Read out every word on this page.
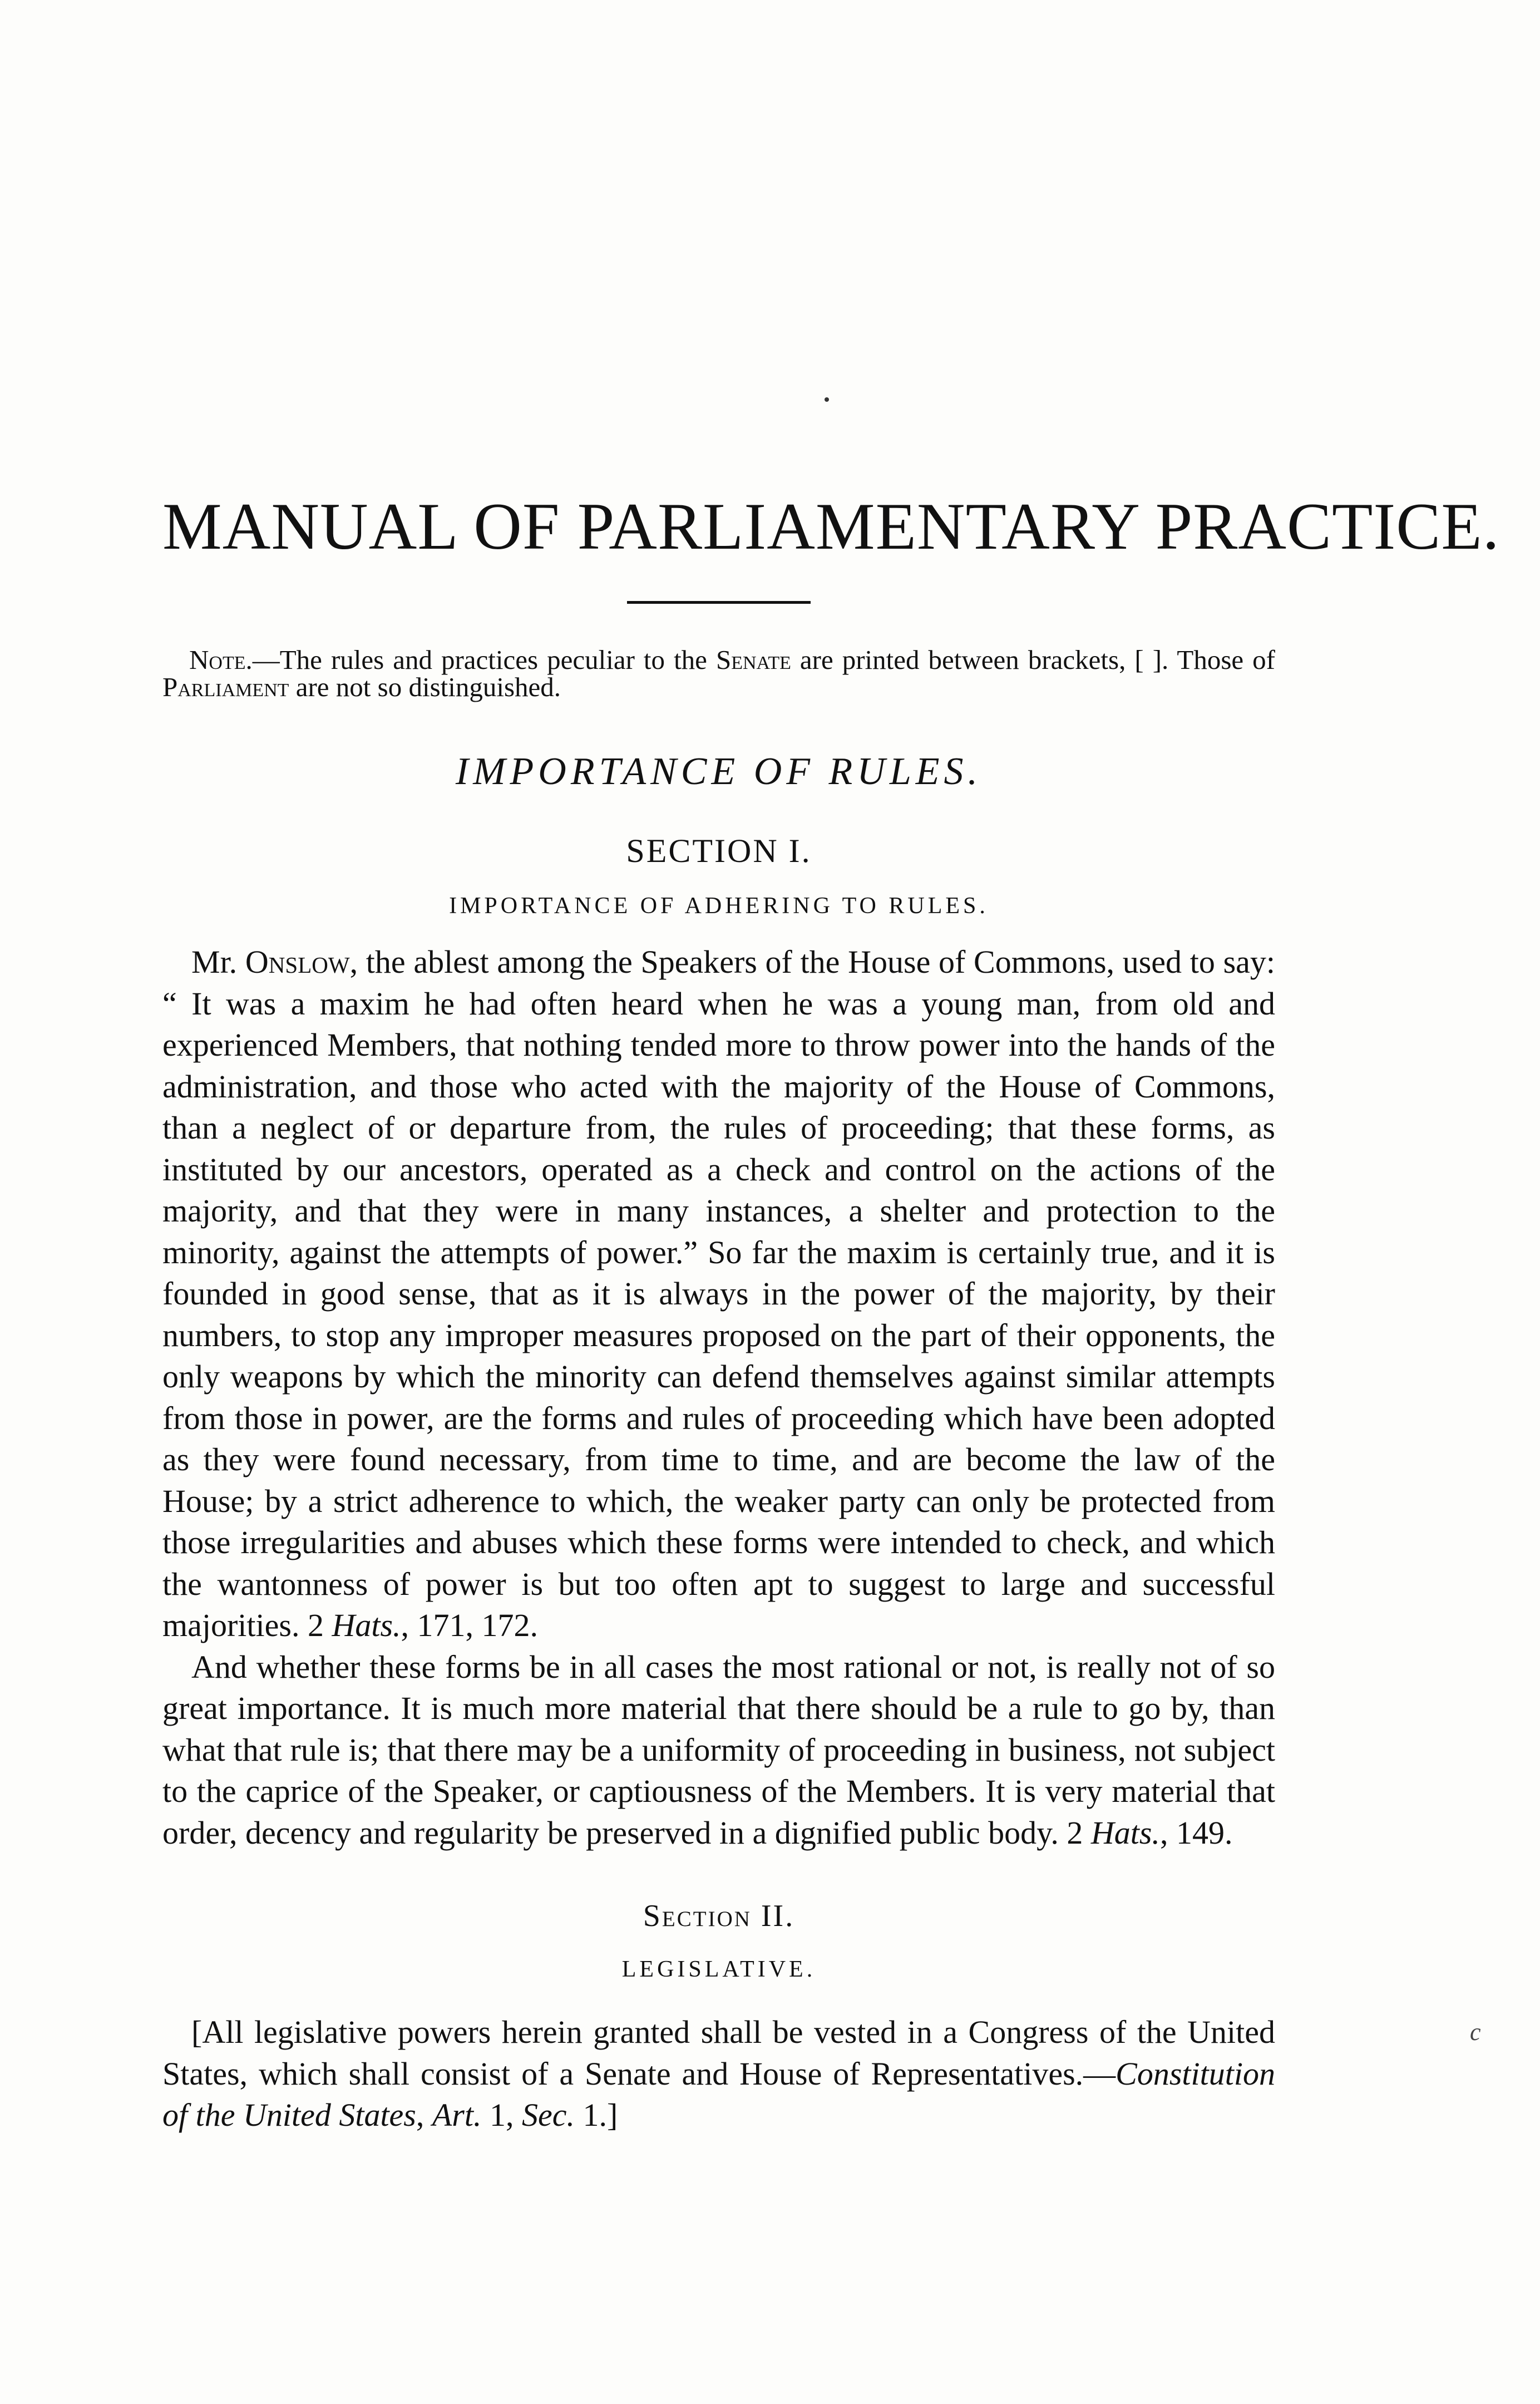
c
MANUAL OF PARLIAMENTARY PRACTICE.

Note.—The rules and practices peculiar to the Senate are printed between brackets, [ ]. Those of Parliament are not so distinguished.

IMPORTANCE OF RULES.
SECTION I.
IMPORTANCE OF ADHERING TO RULES.

Mr. Onslow, the ablest among the Speakers of the House of Commons, used to say: “ It was a maxim he had often heard when he was a young man, from old and experienced Members, that nothing tended more to throw power into the hands of the administration, and those who acted with the majority of the House of Commons, than a neglect of or departure from, the rules of proceeding; that these forms, as instituted by our ancestors, operated as a check and control on the actions of the majority, and that they were in many instances, a shelter and protection to the minority, against the attempts of power.” So far the maxim is certainly true, and it is founded in good sense, that as it is always in the power of the majority, by their numbers, to stop any improper measures proposed on the part of their opponents, the only weapons by which the minority can defend themselves against similar attempts from those in power, are the forms and rules of proceeding which have been adopted as they were found necessary, from time to time, and are become the law of the House; by a strict adherence to which, the weaker party can only be protected from those irregularities and abuses which these forms were intended to check, and which the wantonness of power is but too often apt to suggest to large and successful majorities. 2 Hats., 171, 172.

And whether these forms be in all cases the most rational or not, is really not of so great importance. It is much more material that there should be a rule to go by, than what that rule is; that there may be a uniformity of proceeding in business, not subject to the caprice of the Speaker, or captiousness of the Members. It is very material that order, decency and regularity be preserved in a dignified public body. 2 Hats., 149.

Section II.
LEGISLATIVE.

[All legislative powers herein granted shall be vested in a Congress of the United States, which shall consist of a Senate and House of Representatives.—Constitution of the United States, Art. 1, Sec. 1.]
